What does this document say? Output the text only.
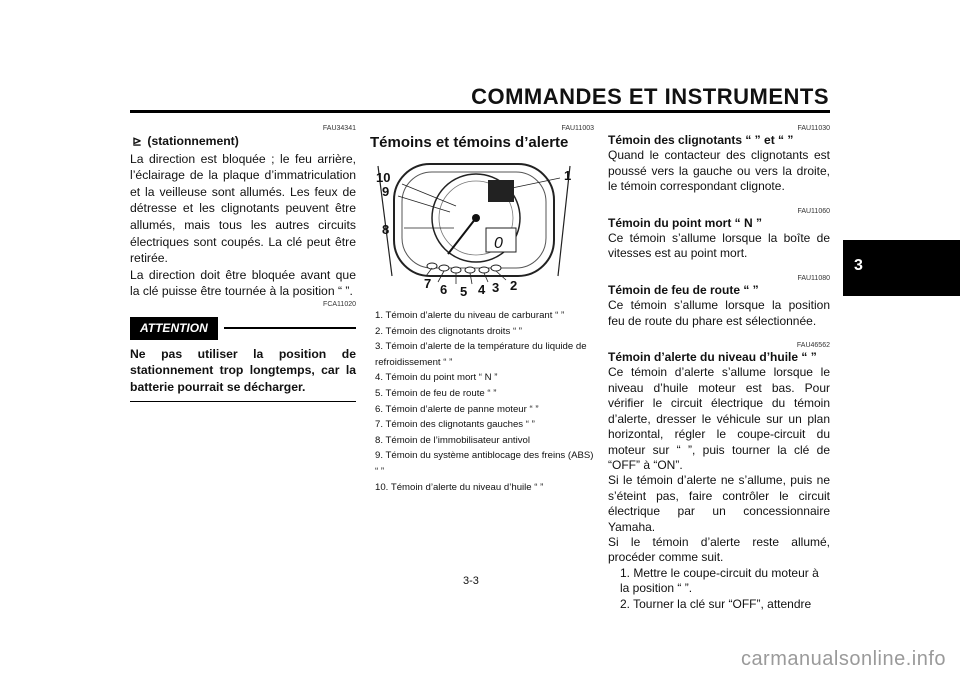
COMMANDES ET INSTRUMENTS
3
FAU34341
⊵ (stationnement)
La direction est bloquée ; le feu arrière, l’éclairage de la plaque d’immatriculation et la veilleuse sont allumés. Les feux de détresse et les clignotants peuvent être allumés, mais tous les autres circuits électriques sont coupés. La clé peut être retirée.
La direction doit être bloquée avant que la clé puisse être tournée à la position “ ”.
FCA11020
ATTENTION
Ne pas utiliser la position de stationnement trop longtemps, car la batterie pourrait se décharger.
FAU11003
Témoins et témoins d’alerte
0
1
2
3
4
5
6
7
8
9
10
1. Témoin d’alerte du niveau de carburant “ ”
2. Témoin des clignotants droits “ ”
3. Témoin d’alerte de la température du liquide de refroidissement “ ”
4. Témoin du point mort “ N ”
5. Témoin de feu de route “ ”
6. Témoin d’alerte de panne moteur “ ”
7. Témoin des clignotants gauches “ ”
8. Témoin de l’immobilisateur antivol
9. Témoin du système antiblocage des freins (ABS) “ ”
10. Témoin d’alerte du niveau d’huile “ ”
FAU11030
Témoin des clignotants “ ” et “ ”
Quand le contacteur des clignotants est poussé vers la gauche ou vers la droite, le témoin correspondant clignote.
FAU11060
Témoin du point mort “ N ”
Ce témoin s’allume lorsque la boîte de vitesses est au point mort.
FAU11080
Témoin de feu de route “ ”
Ce témoin s’allume lorsque la position feu de route du phare est sélectionnée.
FAU46562
Témoin d’alerte du niveau d’huile “ ”
Ce témoin d’alerte s’allume lorsque le niveau d’huile moteur est bas. Pour vérifier le circuit électrique du témoin d’alerte, dresser le véhicule sur un plan horizontal, régler le coupe-circuit du moteur sur “ ”, puis tourner la clé de “OFF” à “ON”.
Si le témoin d’alerte ne s’allume, puis ne s’éteint pas, faire contrôler le circuit électrique par un concessionnaire Yamaha.
Si le témoin d’alerte reste allumé, procéder comme suit.
1. Mettre le coupe-circuit du moteur à la position “ ”.
2. Tourner la clé sur “OFF”, attendre
3-3
carmanualsonline.info
